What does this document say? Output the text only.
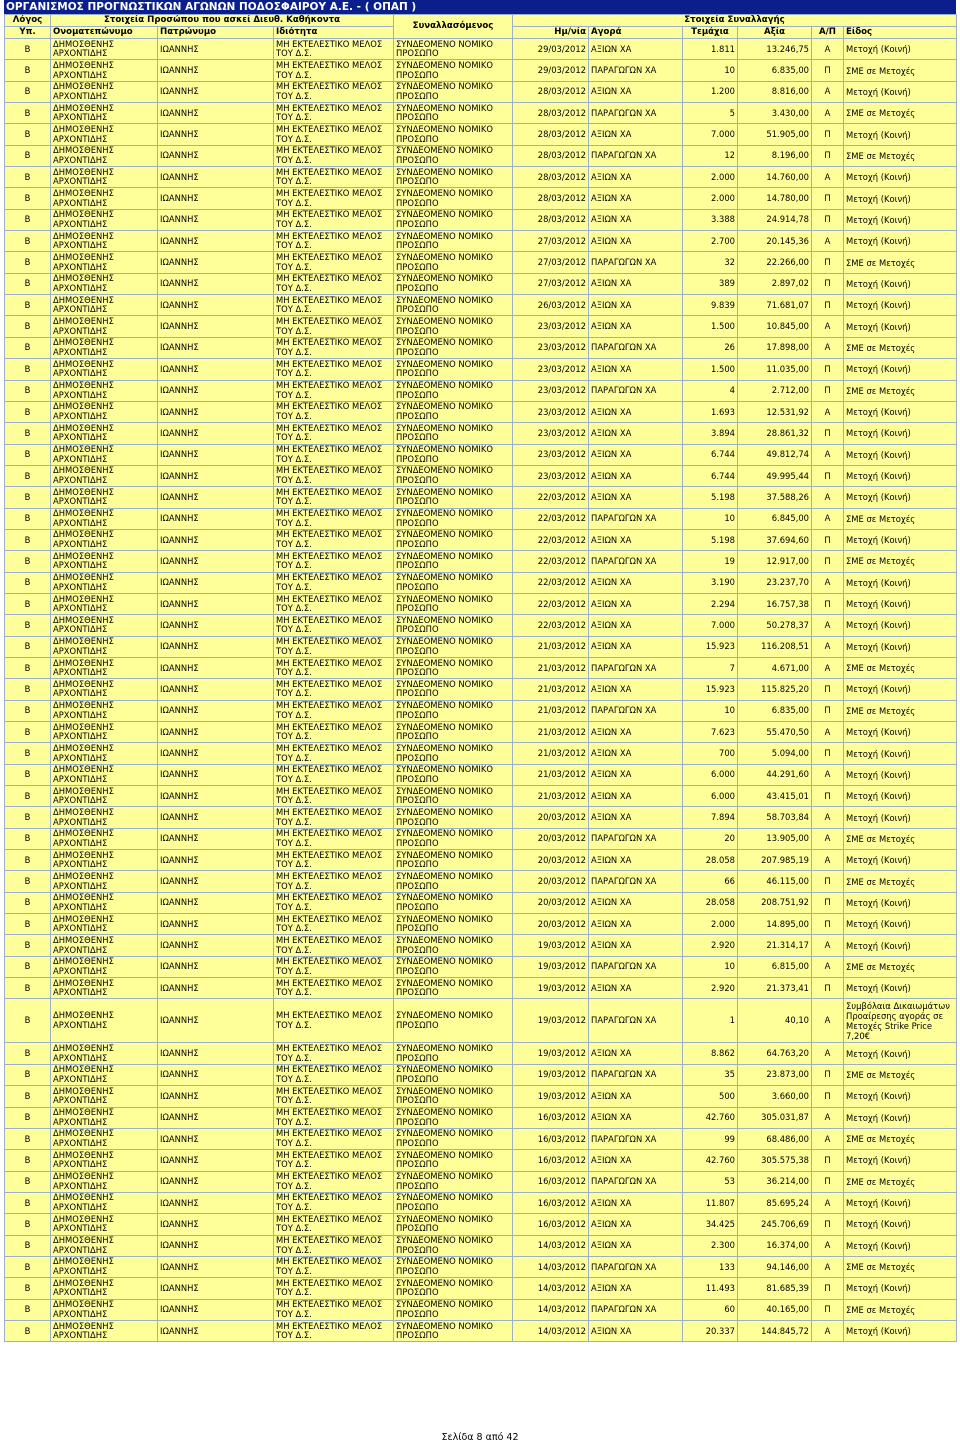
ΟΡΓΑΝΙΣΜΟΣ ΠΡΟΓΝΩΣΤΙΚΩΝ ΑΓΩΝΩΝ ΠΟΔΟΣΦΑΙΡΟΥ Α.Ε. - ( ΟΠΑΠ )
Λόγος	Στοιχεία Προσώπου που ασκεί Διευθ. Καθήκοντα			Συναλλασόμενος	Στοιχεία Συναλλαγής					
Υπ.	Ονοματεπώνυμο	Πατρώνυμο	Ιδιότητα		Ημ/νία	Αγορά	Τεμάχια	Αξία	Α/Π	Είδος
B	ΔΗΜΟΣΘΕΝΗΣ ΑΡΧΟΝΤΙΔΗΣ	ΙΩΑΝΝΗΣ	ΜΗ ΕΚΤΕΛΕΣΤΙΚΟ ΜΕΛΟΣ ΤΟΥ Δ.Σ.	ΣΥΝΔΕΟΜΕΝΟ ΝΟΜΙΚΟ ΠΡΟΣΩΠΟ	29/03/2012	ΑΞΙΩΝ ΧΑ	1.811	13.246,75	Α	Μετοχή (Κοινή)
B	ΔΗΜΟΣΘΕΝΗΣ ΑΡΧΟΝΤΙΔΗΣ	ΙΩΑΝΝΗΣ	ΜΗ ΕΚΤΕΛΕΣΤΙΚΟ ΜΕΛΟΣ ΤΟΥ Δ.Σ.	ΣΥΝΔΕΟΜΕΝΟ ΝΟΜΙΚΟ ΠΡΟΣΩΠΟ	29/03/2012	ΠΑΡΑΓΩΓΩΝ ΧΑ	10	6.835,00	Π	ΣΜΕ σε Μετοχές
B	ΔΗΜΟΣΘΕΝΗΣ ΑΡΧΟΝΤΙΔΗΣ	ΙΩΑΝΝΗΣ	ΜΗ ΕΚΤΕΛΕΣΤΙΚΟ ΜΕΛΟΣ ΤΟΥ Δ.Σ.	ΣΥΝΔΕΟΜΕΝΟ ΝΟΜΙΚΟ ΠΡΟΣΩΠΟ	28/03/2012	ΑΞΙΩΝ ΧΑ	1.200	8.816,00	Α	Μετοχή (Κοινή)
B	ΔΗΜΟΣΘΕΝΗΣ ΑΡΧΟΝΤΙΔΗΣ	ΙΩΑΝΝΗΣ	ΜΗ ΕΚΤΕΛΕΣΤΙΚΟ ΜΕΛΟΣ ΤΟΥ Δ.Σ.	ΣΥΝΔΕΟΜΕΝΟ ΝΟΜΙΚΟ ΠΡΟΣΩΠΟ	28/03/2012	ΠΑΡΑΓΩΓΩΝ ΧΑ	5	3.430,00	Α	ΣΜΕ σε Μετοχές
B	ΔΗΜΟΣΘΕΝΗΣ ΑΡΧΟΝΤΙΔΗΣ	ΙΩΑΝΝΗΣ	ΜΗ ΕΚΤΕΛΕΣΤΙΚΟ ΜΕΛΟΣ ΤΟΥ Δ.Σ.	ΣΥΝΔΕΟΜΕΝΟ ΝΟΜΙΚΟ ΠΡΟΣΩΠΟ	28/03/2012	ΑΞΙΩΝ ΧΑ	7.000	51.905,00	Π	Μετοχή (Κοινή)
B	ΔΗΜΟΣΘΕΝΗΣ ΑΡΧΟΝΤΙΔΗΣ	ΙΩΑΝΝΗΣ	ΜΗ ΕΚΤΕΛΕΣΤΙΚΟ ΜΕΛΟΣ ΤΟΥ Δ.Σ.	ΣΥΝΔΕΟΜΕΝΟ ΝΟΜΙΚΟ ΠΡΟΣΩΠΟ	28/03/2012	ΠΑΡΑΓΩΓΩΝ ΧΑ	12	8.196,00	Π	ΣΜΕ σε Μετοχές
B	ΔΗΜΟΣΘΕΝΗΣ ΑΡΧΟΝΤΙΔΗΣ	ΙΩΑΝΝΗΣ	ΜΗ ΕΚΤΕΛΕΣΤΙΚΟ ΜΕΛΟΣ ΤΟΥ Δ.Σ.	ΣΥΝΔΕΟΜΕΝΟ ΝΟΜΙΚΟ ΠΡΟΣΩΠΟ	28/03/2012	ΑΞΙΩΝ ΧΑ	2.000	14.760,00	Α	Μετοχή (Κοινή)
B	ΔΗΜΟΣΘΕΝΗΣ ΑΡΧΟΝΤΙΔΗΣ	ΙΩΑΝΝΗΣ	ΜΗ ΕΚΤΕΛΕΣΤΙΚΟ ΜΕΛΟΣ ΤΟΥ Δ.Σ.	ΣΥΝΔΕΟΜΕΝΟ ΝΟΜΙΚΟ ΠΡΟΣΩΠΟ	28/03/2012	ΑΞΙΩΝ ΧΑ	2.000	14.780,00	Π	Μετοχή (Κοινή)
B	ΔΗΜΟΣΘΕΝΗΣ ΑΡΧΟΝΤΙΔΗΣ	ΙΩΑΝΝΗΣ	ΜΗ ΕΚΤΕΛΕΣΤΙΚΟ ΜΕΛΟΣ ΤΟΥ Δ.Σ.	ΣΥΝΔΕΟΜΕΝΟ ΝΟΜΙΚΟ ΠΡΟΣΩΠΟ	28/03/2012	ΑΞΙΩΝ ΧΑ	3.388	24.914,78	Π	Μετοχή (Κοινή)
B	ΔΗΜΟΣΘΕΝΗΣ ΑΡΧΟΝΤΙΔΗΣ	ΙΩΑΝΝΗΣ	ΜΗ ΕΚΤΕΛΕΣΤΙΚΟ ΜΕΛΟΣ ΤΟΥ Δ.Σ.	ΣΥΝΔΕΟΜΕΝΟ ΝΟΜΙΚΟ ΠΡΟΣΩΠΟ	27/03/2012	ΑΞΙΩΝ ΧΑ	2.700	20.145,36	Α	Μετοχή (Κοινή)
B	ΔΗΜΟΣΘΕΝΗΣ ΑΡΧΟΝΤΙΔΗΣ	ΙΩΑΝΝΗΣ	ΜΗ ΕΚΤΕΛΕΣΤΙΚΟ ΜΕΛΟΣ ΤΟΥ Δ.Σ.	ΣΥΝΔΕΟΜΕΝΟ ΝΟΜΙΚΟ ΠΡΟΣΩΠΟ	27/03/2012	ΠΑΡΑΓΩΓΩΝ ΧΑ	32	22.266,00	Π	ΣΜΕ σε Μετοχές
B	ΔΗΜΟΣΘΕΝΗΣ ΑΡΧΟΝΤΙΔΗΣ	ΙΩΑΝΝΗΣ	ΜΗ ΕΚΤΕΛΕΣΤΙΚΟ ΜΕΛΟΣ ΤΟΥ Δ.Σ.	ΣΥΝΔΕΟΜΕΝΟ ΝΟΜΙΚΟ ΠΡΟΣΩΠΟ	27/03/2012	ΑΞΙΩΝ ΧΑ	389	2.897,02	Π	Μετοχή (Κοινή)
B	ΔΗΜΟΣΘΕΝΗΣ ΑΡΧΟΝΤΙΔΗΣ	ΙΩΑΝΝΗΣ	ΜΗ ΕΚΤΕΛΕΣΤΙΚΟ ΜΕΛΟΣ ΤΟΥ Δ.Σ.	ΣΥΝΔΕΟΜΕΝΟ ΝΟΜΙΚΟ ΠΡΟΣΩΠΟ	26/03/2012	ΑΞΙΩΝ ΧΑ	9.839	71.681,07	Π	Μετοχή (Κοινή)
B	ΔΗΜΟΣΘΕΝΗΣ ΑΡΧΟΝΤΙΔΗΣ	ΙΩΑΝΝΗΣ	ΜΗ ΕΚΤΕΛΕΣΤΙΚΟ ΜΕΛΟΣ ΤΟΥ Δ.Σ.	ΣΥΝΔΕΟΜΕΝΟ ΝΟΜΙΚΟ ΠΡΟΣΩΠΟ	23/03/2012	ΑΞΙΩΝ ΧΑ	1.500	10.845,00	Α	Μετοχή (Κοινή)
B	ΔΗΜΟΣΘΕΝΗΣ ΑΡΧΟΝΤΙΔΗΣ	ΙΩΑΝΝΗΣ	ΜΗ ΕΚΤΕΛΕΣΤΙΚΟ ΜΕΛΟΣ ΤΟΥ Δ.Σ.	ΣΥΝΔΕΟΜΕΝΟ ΝΟΜΙΚΟ ΠΡΟΣΩΠΟ	23/03/2012	ΠΑΡΑΓΩΓΩΝ ΧΑ	26	17.898,00	Α	ΣΜΕ σε Μετοχές
B	ΔΗΜΟΣΘΕΝΗΣ ΑΡΧΟΝΤΙΔΗΣ	ΙΩΑΝΝΗΣ	ΜΗ ΕΚΤΕΛΕΣΤΙΚΟ ΜΕΛΟΣ ΤΟΥ Δ.Σ.	ΣΥΝΔΕΟΜΕΝΟ ΝΟΜΙΚΟ ΠΡΟΣΩΠΟ	23/03/2012	ΑΞΙΩΝ ΧΑ	1.500	11.035,00	Π	Μετοχή (Κοινή)
B	ΔΗΜΟΣΘΕΝΗΣ ΑΡΧΟΝΤΙΔΗΣ	ΙΩΑΝΝΗΣ	ΜΗ ΕΚΤΕΛΕΣΤΙΚΟ ΜΕΛΟΣ ΤΟΥ Δ.Σ.	ΣΥΝΔΕΟΜΕΝΟ ΝΟΜΙΚΟ ΠΡΟΣΩΠΟ	23/03/2012	ΠΑΡΑΓΩΓΩΝ ΧΑ	4	2.712,00	Π	ΣΜΕ σε Μετοχές
B	ΔΗΜΟΣΘΕΝΗΣ ΑΡΧΟΝΤΙΔΗΣ	ΙΩΑΝΝΗΣ	ΜΗ ΕΚΤΕΛΕΣΤΙΚΟ ΜΕΛΟΣ ΤΟΥ Δ.Σ.	ΣΥΝΔΕΟΜΕΝΟ ΝΟΜΙΚΟ ΠΡΟΣΩΠΟ	23/03/2012	ΑΞΙΩΝ ΧΑ	1.693	12.531,92	Α	Μετοχή (Κοινή)
B	ΔΗΜΟΣΘΕΝΗΣ ΑΡΧΟΝΤΙΔΗΣ	ΙΩΑΝΝΗΣ	ΜΗ ΕΚΤΕΛΕΣΤΙΚΟ ΜΕΛΟΣ ΤΟΥ Δ.Σ.	ΣΥΝΔΕΟΜΕΝΟ ΝΟΜΙΚΟ ΠΡΟΣΩΠΟ	23/03/2012	ΑΞΙΩΝ ΧΑ	3.894	28.861,32	Π	Μετοχή (Κοινή)
B	ΔΗΜΟΣΘΕΝΗΣ ΑΡΧΟΝΤΙΔΗΣ	ΙΩΑΝΝΗΣ	ΜΗ ΕΚΤΕΛΕΣΤΙΚΟ ΜΕΛΟΣ ΤΟΥ Δ.Σ.	ΣΥΝΔΕΟΜΕΝΟ ΝΟΜΙΚΟ ΠΡΟΣΩΠΟ	23/03/2012	ΑΞΙΩΝ ΧΑ	6.744	49.812,74	Α	Μετοχή (Κοινή)
B	ΔΗΜΟΣΘΕΝΗΣ ΑΡΧΟΝΤΙΔΗΣ	ΙΩΑΝΝΗΣ	ΜΗ ΕΚΤΕΛΕΣΤΙΚΟ ΜΕΛΟΣ ΤΟΥ Δ.Σ.	ΣΥΝΔΕΟΜΕΝΟ ΝΟΜΙΚΟ ΠΡΟΣΩΠΟ	23/03/2012	ΑΞΙΩΝ ΧΑ	6.744	49.995,44	Π	Μετοχή (Κοινή)
B	ΔΗΜΟΣΘΕΝΗΣ ΑΡΧΟΝΤΙΔΗΣ	ΙΩΑΝΝΗΣ	ΜΗ ΕΚΤΕΛΕΣΤΙΚΟ ΜΕΛΟΣ ΤΟΥ Δ.Σ.	ΣΥΝΔΕΟΜΕΝΟ ΝΟΜΙΚΟ ΠΡΟΣΩΠΟ	22/03/2012	ΑΞΙΩΝ ΧΑ	5.198	37.588,26	Α	Μετοχή (Κοινή)
B	ΔΗΜΟΣΘΕΝΗΣ ΑΡΧΟΝΤΙΔΗΣ	ΙΩΑΝΝΗΣ	ΜΗ ΕΚΤΕΛΕΣΤΙΚΟ ΜΕΛΟΣ ΤΟΥ Δ.Σ.	ΣΥΝΔΕΟΜΕΝΟ ΝΟΜΙΚΟ ΠΡΟΣΩΠΟ	22/03/2012	ΠΑΡΑΓΩΓΩΝ ΧΑ	10	6.845,00	Α	ΣΜΕ σε Μετοχές
B	ΔΗΜΟΣΘΕΝΗΣ ΑΡΧΟΝΤΙΔΗΣ	ΙΩΑΝΝΗΣ	ΜΗ ΕΚΤΕΛΕΣΤΙΚΟ ΜΕΛΟΣ ΤΟΥ Δ.Σ.	ΣΥΝΔΕΟΜΕΝΟ ΝΟΜΙΚΟ ΠΡΟΣΩΠΟ	22/03/2012	ΑΞΙΩΝ ΧΑ	5.198	37.694,60	Π	Μετοχή (Κοινή)
B	ΔΗΜΟΣΘΕΝΗΣ ΑΡΧΟΝΤΙΔΗΣ	ΙΩΑΝΝΗΣ	ΜΗ ΕΚΤΕΛΕΣΤΙΚΟ ΜΕΛΟΣ ΤΟΥ Δ.Σ.	ΣΥΝΔΕΟΜΕΝΟ ΝΟΜΙΚΟ ΠΡΟΣΩΠΟ	22/03/2012	ΠΑΡΑΓΩΓΩΝ ΧΑ	19	12.917,00	Π	ΣΜΕ σε Μετοχές
B	ΔΗΜΟΣΘΕΝΗΣ ΑΡΧΟΝΤΙΔΗΣ	ΙΩΑΝΝΗΣ	ΜΗ ΕΚΤΕΛΕΣΤΙΚΟ ΜΕΛΟΣ ΤΟΥ Δ.Σ.	ΣΥΝΔΕΟΜΕΝΟ ΝΟΜΙΚΟ ΠΡΟΣΩΠΟ	22/03/2012	ΑΞΙΩΝ ΧΑ	3.190	23.237,70	Α	Μετοχή (Κοινή)
B	ΔΗΜΟΣΘΕΝΗΣ ΑΡΧΟΝΤΙΔΗΣ	ΙΩΑΝΝΗΣ	ΜΗ ΕΚΤΕΛΕΣΤΙΚΟ ΜΕΛΟΣ ΤΟΥ Δ.Σ.	ΣΥΝΔΕΟΜΕΝΟ ΝΟΜΙΚΟ ΠΡΟΣΩΠΟ	22/03/2012	ΑΞΙΩΝ ΧΑ	2.294	16.757,38	Π	Μετοχή (Κοινή)
B	ΔΗΜΟΣΘΕΝΗΣ ΑΡΧΟΝΤΙΔΗΣ	ΙΩΑΝΝΗΣ	ΜΗ ΕΚΤΕΛΕΣΤΙΚΟ ΜΕΛΟΣ ΤΟΥ Δ.Σ.	ΣΥΝΔΕΟΜΕΝΟ ΝΟΜΙΚΟ ΠΡΟΣΩΠΟ	22/03/2012	ΑΞΙΩΝ ΧΑ	7.000	50.278,37	Α	Μετοχή (Κοινή)
B	ΔΗΜΟΣΘΕΝΗΣ ΑΡΧΟΝΤΙΔΗΣ	ΙΩΑΝΝΗΣ	ΜΗ ΕΚΤΕΛΕΣΤΙΚΟ ΜΕΛΟΣ ΤΟΥ Δ.Σ.	ΣΥΝΔΕΟΜΕΝΟ ΝΟΜΙΚΟ ΠΡΟΣΩΠΟ	21/03/2012	ΑΞΙΩΝ ΧΑ	15.923	116.208,51	Α	Μετοχή (Κοινή)
B	ΔΗΜΟΣΘΕΝΗΣ ΑΡΧΟΝΤΙΔΗΣ	ΙΩΑΝΝΗΣ	ΜΗ ΕΚΤΕΛΕΣΤΙΚΟ ΜΕΛΟΣ ΤΟΥ Δ.Σ.	ΣΥΝΔΕΟΜΕΝΟ ΝΟΜΙΚΟ ΠΡΟΣΩΠΟ	21/03/2012	ΠΑΡΑΓΩΓΩΝ ΧΑ	7	4.671,00	Α	ΣΜΕ σε Μετοχές
B	ΔΗΜΟΣΘΕΝΗΣ ΑΡΧΟΝΤΙΔΗΣ	ΙΩΑΝΝΗΣ	ΜΗ ΕΚΤΕΛΕΣΤΙΚΟ ΜΕΛΟΣ ΤΟΥ Δ.Σ.	ΣΥΝΔΕΟΜΕΝΟ ΝΟΜΙΚΟ ΠΡΟΣΩΠΟ	21/03/2012	ΑΞΙΩΝ ΧΑ	15.923	115.825,20	Π	Μετοχή (Κοινή)
B	ΔΗΜΟΣΘΕΝΗΣ ΑΡΧΟΝΤΙΔΗΣ	ΙΩΑΝΝΗΣ	ΜΗ ΕΚΤΕΛΕΣΤΙΚΟ ΜΕΛΟΣ ΤΟΥ Δ.Σ.	ΣΥΝΔΕΟΜΕΝΟ ΝΟΜΙΚΟ ΠΡΟΣΩΠΟ	21/03/2012	ΠΑΡΑΓΩΓΩΝ ΧΑ	10	6.835,00	Π	ΣΜΕ σε Μετοχές
B	ΔΗΜΟΣΘΕΝΗΣ ΑΡΧΟΝΤΙΔΗΣ	ΙΩΑΝΝΗΣ	ΜΗ ΕΚΤΕΛΕΣΤΙΚΟ ΜΕΛΟΣ ΤΟΥ Δ.Σ.	ΣΥΝΔΕΟΜΕΝΟ ΝΟΜΙΚΟ ΠΡΟΣΩΠΟ	21/03/2012	ΑΞΙΩΝ ΧΑ	7.623	55.470,50	Α	Μετοχή (Κοινή)
B	ΔΗΜΟΣΘΕΝΗΣ ΑΡΧΟΝΤΙΔΗΣ	ΙΩΑΝΝΗΣ	ΜΗ ΕΚΤΕΛΕΣΤΙΚΟ ΜΕΛΟΣ ΤΟΥ Δ.Σ.	ΣΥΝΔΕΟΜΕΝΟ ΝΟΜΙΚΟ ΠΡΟΣΩΠΟ	21/03/2012	ΑΞΙΩΝ ΧΑ	700	5.094,00	Π	Μετοχή (Κοινή)
B	ΔΗΜΟΣΘΕΝΗΣ ΑΡΧΟΝΤΙΔΗΣ	ΙΩΑΝΝΗΣ	ΜΗ ΕΚΤΕΛΕΣΤΙΚΟ ΜΕΛΟΣ ΤΟΥ Δ.Σ.	ΣΥΝΔΕΟΜΕΝΟ ΝΟΜΙΚΟ ΠΡΟΣΩΠΟ	21/03/2012	ΑΞΙΩΝ ΧΑ	6.000	44.291,60	Α	Μετοχή (Κοινή)
B	ΔΗΜΟΣΘΕΝΗΣ ΑΡΧΟΝΤΙΔΗΣ	ΙΩΑΝΝΗΣ	ΜΗ ΕΚΤΕΛΕΣΤΙΚΟ ΜΕΛΟΣ ΤΟΥ Δ.Σ.	ΣΥΝΔΕΟΜΕΝΟ ΝΟΜΙΚΟ ΠΡΟΣΩΠΟ	21/03/2012	ΑΞΙΩΝ ΧΑ	6.000	43.415,01	Π	Μετοχή (Κοινή)
B	ΔΗΜΟΣΘΕΝΗΣ ΑΡΧΟΝΤΙΔΗΣ	ΙΩΑΝΝΗΣ	ΜΗ ΕΚΤΕΛΕΣΤΙΚΟ ΜΕΛΟΣ ΤΟΥ Δ.Σ.	ΣΥΝΔΕΟΜΕΝΟ ΝΟΜΙΚΟ ΠΡΟΣΩΠΟ	20/03/2012	ΑΞΙΩΝ ΧΑ	7.894	58.703,84	Α	Μετοχή (Κοινή)
B	ΔΗΜΟΣΘΕΝΗΣ ΑΡΧΟΝΤΙΔΗΣ	ΙΩΑΝΝΗΣ	ΜΗ ΕΚΤΕΛΕΣΤΙΚΟ ΜΕΛΟΣ ΤΟΥ Δ.Σ.	ΣΥΝΔΕΟΜΕΝΟ ΝΟΜΙΚΟ ΠΡΟΣΩΠΟ	20/03/2012	ΠΑΡΑΓΩΓΩΝ ΧΑ	20	13.905,00	Α	ΣΜΕ σε Μετοχές
B	ΔΗΜΟΣΘΕΝΗΣ ΑΡΧΟΝΤΙΔΗΣ	ΙΩΑΝΝΗΣ	ΜΗ ΕΚΤΕΛΕΣΤΙΚΟ ΜΕΛΟΣ ΤΟΥ Δ.Σ.	ΣΥΝΔΕΟΜΕΝΟ ΝΟΜΙΚΟ ΠΡΟΣΩΠΟ	20/03/2012	ΑΞΙΩΝ ΧΑ	28.058	207.985,19	Α	Μετοχή (Κοινή)
B	ΔΗΜΟΣΘΕΝΗΣ ΑΡΧΟΝΤΙΔΗΣ	ΙΩΑΝΝΗΣ	ΜΗ ΕΚΤΕΛΕΣΤΙΚΟ ΜΕΛΟΣ ΤΟΥ Δ.Σ.	ΣΥΝΔΕΟΜΕΝΟ ΝΟΜΙΚΟ ΠΡΟΣΩΠΟ	20/03/2012	ΠΑΡΑΓΩΓΩΝ ΧΑ	66	46.115,00	Π	ΣΜΕ σε Μετοχές
B	ΔΗΜΟΣΘΕΝΗΣ ΑΡΧΟΝΤΙΔΗΣ	ΙΩΑΝΝΗΣ	ΜΗ ΕΚΤΕΛΕΣΤΙΚΟ ΜΕΛΟΣ ΤΟΥ Δ.Σ.	ΣΥΝΔΕΟΜΕΝΟ ΝΟΜΙΚΟ ΠΡΟΣΩΠΟ	20/03/2012	ΑΞΙΩΝ ΧΑ	28.058	208.751,92	Π	Μετοχή (Κοινή)
B	ΔΗΜΟΣΘΕΝΗΣ ΑΡΧΟΝΤΙΔΗΣ	ΙΩΑΝΝΗΣ	ΜΗ ΕΚΤΕΛΕΣΤΙΚΟ ΜΕΛΟΣ ΤΟΥ Δ.Σ.	ΣΥΝΔΕΟΜΕΝΟ ΝΟΜΙΚΟ ΠΡΟΣΩΠΟ	20/03/2012	ΑΞΙΩΝ ΧΑ	2.000	14.895,00	Π	Μετοχή (Κοινή)
B	ΔΗΜΟΣΘΕΝΗΣ ΑΡΧΟΝΤΙΔΗΣ	ΙΩΑΝΝΗΣ	ΜΗ ΕΚΤΕΛΕΣΤΙΚΟ ΜΕΛΟΣ ΤΟΥ Δ.Σ.	ΣΥΝΔΕΟΜΕΝΟ ΝΟΜΙΚΟ ΠΡΟΣΩΠΟ	19/03/2012	ΑΞΙΩΝ ΧΑ	2.920	21.314,17	Α	Μετοχή (Κοινή)
B	ΔΗΜΟΣΘΕΝΗΣ ΑΡΧΟΝΤΙΔΗΣ	ΙΩΑΝΝΗΣ	ΜΗ ΕΚΤΕΛΕΣΤΙΚΟ ΜΕΛΟΣ ΤΟΥ Δ.Σ.	ΣΥΝΔΕΟΜΕΝΟ ΝΟΜΙΚΟ ΠΡΟΣΩΠΟ	19/03/2012	ΠΑΡΑΓΩΓΩΝ ΧΑ	10	6.815,00	Α	ΣΜΕ σε Μετοχές
B	ΔΗΜΟΣΘΕΝΗΣ ΑΡΧΟΝΤΙΔΗΣ	ΙΩΑΝΝΗΣ	ΜΗ ΕΚΤΕΛΕΣΤΙΚΟ ΜΕΛΟΣ ΤΟΥ Δ.Σ.	ΣΥΝΔΕΟΜΕΝΟ ΝΟΜΙΚΟ ΠΡΟΣΩΠΟ	19/03/2012	ΑΞΙΩΝ ΧΑ	2.920	21.373,41	Π	Μετοχή (Κοινή)
B	ΔΗΜΟΣΘΕΝΗΣ ΑΡΧΟΝΤΙΔΗΣ	ΙΩΑΝΝΗΣ	ΜΗ ΕΚΤΕΛΕΣΤΙΚΟ ΜΕΛΟΣ ΤΟΥ Δ.Σ.	ΣΥΝΔΕΟΜΕΝΟ ΝΟΜΙΚΟ ΠΡΟΣΩΠΟ	19/03/2012	ΠΑΡΑΓΩΓΩΝ ΧΑ	1	40,10	Α	Συμβόλαια Δικαιωμάτων Προαίρεσης αγοράς σε Μετοχές Strike Price 7,20€
B	ΔΗΜΟΣΘΕΝΗΣ ΑΡΧΟΝΤΙΔΗΣ	ΙΩΑΝΝΗΣ	ΜΗ ΕΚΤΕΛΕΣΤΙΚΟ ΜΕΛΟΣ ΤΟΥ Δ.Σ.	ΣΥΝΔΕΟΜΕΝΟ ΝΟΜΙΚΟ ΠΡΟΣΩΠΟ	19/03/2012	ΑΞΙΩΝ ΧΑ	8.862	64.763,20	Α	Μετοχή (Κοινή)
B	ΔΗΜΟΣΘΕΝΗΣ ΑΡΧΟΝΤΙΔΗΣ	ΙΩΑΝΝΗΣ	ΜΗ ΕΚΤΕΛΕΣΤΙΚΟ ΜΕΛΟΣ ΤΟΥ Δ.Σ.	ΣΥΝΔΕΟΜΕΝΟ ΝΟΜΙΚΟ ΠΡΟΣΩΠΟ	19/03/2012	ΠΑΡΑΓΩΓΩΝ ΧΑ	35	23.873,00	Π	ΣΜΕ σε Μετοχές
B	ΔΗΜΟΣΘΕΝΗΣ ΑΡΧΟΝΤΙΔΗΣ	ΙΩΑΝΝΗΣ	ΜΗ ΕΚΤΕΛΕΣΤΙΚΟ ΜΕΛΟΣ ΤΟΥ Δ.Σ.	ΣΥΝΔΕΟΜΕΝΟ ΝΟΜΙΚΟ ΠΡΟΣΩΠΟ	19/03/2012	ΑΞΙΩΝ ΧΑ	500	3.660,00	Π	Μετοχή (Κοινή)
B	ΔΗΜΟΣΘΕΝΗΣ ΑΡΧΟΝΤΙΔΗΣ	ΙΩΑΝΝΗΣ	ΜΗ ΕΚΤΕΛΕΣΤΙΚΟ ΜΕΛΟΣ ΤΟΥ Δ.Σ.	ΣΥΝΔΕΟΜΕΝΟ ΝΟΜΙΚΟ ΠΡΟΣΩΠΟ	16/03/2012	ΑΞΙΩΝ ΧΑ	42.760	305.031,87	Α	Μετοχή (Κοινή)
B	ΔΗΜΟΣΘΕΝΗΣ ΑΡΧΟΝΤΙΔΗΣ	ΙΩΑΝΝΗΣ	ΜΗ ΕΚΤΕΛΕΣΤΙΚΟ ΜΕΛΟΣ ΤΟΥ Δ.Σ.	ΣΥΝΔΕΟΜΕΝΟ ΝΟΜΙΚΟ ΠΡΟΣΩΠΟ	16/03/2012	ΠΑΡΑΓΩΓΩΝ ΧΑ	99	68.486,00	Α	ΣΜΕ σε Μετοχές
B	ΔΗΜΟΣΘΕΝΗΣ ΑΡΧΟΝΤΙΔΗΣ	ΙΩΑΝΝΗΣ	ΜΗ ΕΚΤΕΛΕΣΤΙΚΟ ΜΕΛΟΣ ΤΟΥ Δ.Σ.	ΣΥΝΔΕΟΜΕΝΟ ΝΟΜΙΚΟ ΠΡΟΣΩΠΟ	16/03/2012	ΑΞΙΩΝ ΧΑ	42.760	305.575,38	Π	Μετοχή (Κοινή)
B	ΔΗΜΟΣΘΕΝΗΣ ΑΡΧΟΝΤΙΔΗΣ	ΙΩΑΝΝΗΣ	ΜΗ ΕΚΤΕΛΕΣΤΙΚΟ ΜΕΛΟΣ ΤΟΥ Δ.Σ.	ΣΥΝΔΕΟΜΕΝΟ ΝΟΜΙΚΟ ΠΡΟΣΩΠΟ	16/03/2012	ΠΑΡΑΓΩΓΩΝ ΧΑ	53	36.214,00	Π	ΣΜΕ σε Μετοχές
B	ΔΗΜΟΣΘΕΝΗΣ ΑΡΧΟΝΤΙΔΗΣ	ΙΩΑΝΝΗΣ	ΜΗ ΕΚΤΕΛΕΣΤΙΚΟ ΜΕΛΟΣ ΤΟΥ Δ.Σ.	ΣΥΝΔΕΟΜΕΝΟ ΝΟΜΙΚΟ ΠΡΟΣΩΠΟ	16/03/2012	ΑΞΙΩΝ ΧΑ	11.807	85.695,24	Α	Μετοχή (Κοινή)
B	ΔΗΜΟΣΘΕΝΗΣ ΑΡΧΟΝΤΙΔΗΣ	ΙΩΑΝΝΗΣ	ΜΗ ΕΚΤΕΛΕΣΤΙΚΟ ΜΕΛΟΣ ΤΟΥ Δ.Σ.	ΣΥΝΔΕΟΜΕΝΟ ΝΟΜΙΚΟ ΠΡΟΣΩΠΟ	16/03/2012	ΑΞΙΩΝ ΧΑ	34.425	245.706,69	Π	Μετοχή (Κοινή)
B	ΔΗΜΟΣΘΕΝΗΣ ΑΡΧΟΝΤΙΔΗΣ	ΙΩΑΝΝΗΣ	ΜΗ ΕΚΤΕΛΕΣΤΙΚΟ ΜΕΛΟΣ ΤΟΥ Δ.Σ.	ΣΥΝΔΕΟΜΕΝΟ ΝΟΜΙΚΟ ΠΡΟΣΩΠΟ	14/03/2012	ΑΞΙΩΝ ΧΑ	2.300	16.374,00	Α	Μετοχή (Κοινή)
B	ΔΗΜΟΣΘΕΝΗΣ ΑΡΧΟΝΤΙΔΗΣ	ΙΩΑΝΝΗΣ	ΜΗ ΕΚΤΕΛΕΣΤΙΚΟ ΜΕΛΟΣ ΤΟΥ Δ.Σ.	ΣΥΝΔΕΟΜΕΝΟ ΝΟΜΙΚΟ ΠΡΟΣΩΠΟ	14/03/2012	ΠΑΡΑΓΩΓΩΝ ΧΑ	133	94.146,00	Α	ΣΜΕ σε Μετοχές
B	ΔΗΜΟΣΘΕΝΗΣ ΑΡΧΟΝΤΙΔΗΣ	ΙΩΑΝΝΗΣ	ΜΗ ΕΚΤΕΛΕΣΤΙΚΟ ΜΕΛΟΣ ΤΟΥ Δ.Σ.	ΣΥΝΔΕΟΜΕΝΟ ΝΟΜΙΚΟ ΠΡΟΣΩΠΟ	14/03/2012	ΑΞΙΩΝ ΧΑ	11.493	81.685,39	Π	Μετοχή (Κοινή)
B	ΔΗΜΟΣΘΕΝΗΣ ΑΡΧΟΝΤΙΔΗΣ	ΙΩΑΝΝΗΣ	ΜΗ ΕΚΤΕΛΕΣΤΙΚΟ ΜΕΛΟΣ ΤΟΥ Δ.Σ.	ΣΥΝΔΕΟΜΕΝΟ ΝΟΜΙΚΟ ΠΡΟΣΩΠΟ	14/03/2012	ΠΑΡΑΓΩΓΩΝ ΧΑ	60	40.165,00	Π	ΣΜΕ σε Μετοχές
B	ΔΗΜΟΣΘΕΝΗΣ ΑΡΧΟΝΤΙΔΗΣ	ΙΩΑΝΝΗΣ	ΜΗ ΕΚΤΕΛΕΣΤΙΚΟ ΜΕΛΟΣ ΤΟΥ Δ.Σ.	ΣΥΝΔΕΟΜΕΝΟ ΝΟΜΙΚΟ ΠΡΟΣΩΠΟ	14/03/2012	ΑΞΙΩΝ ΧΑ	20.337	144.845,72	Α	Μετοχή (Κοινή)
Σελίδα 8 από 42
